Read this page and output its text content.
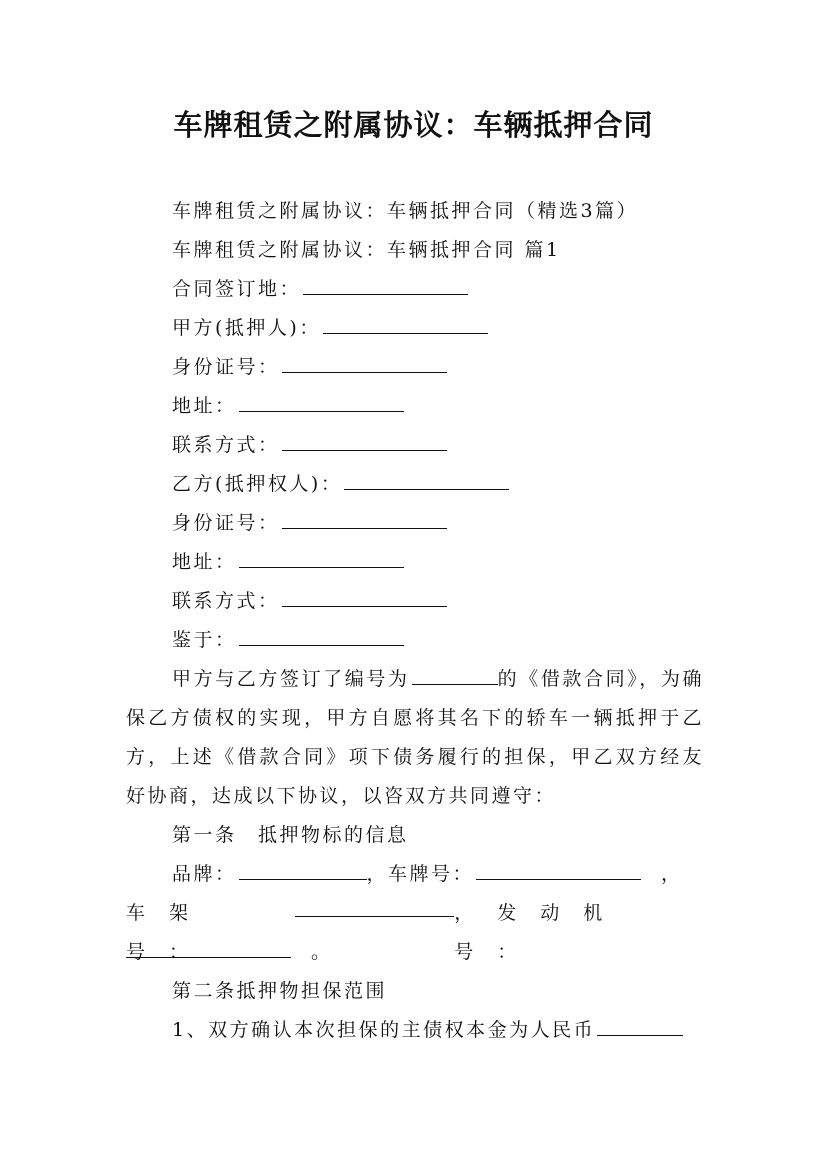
车牌租赁之附属协议：车辆抵押合同
车牌租赁之附属协议：车辆抵押合同（精选3篇）
车牌租赁之附属协议：车辆抵押合同 篇1
合同签订地：
甲方(抵押人)：
身份证号：
地址：
联系方式：
乙方(抵押权人)：
身份证号：
地址：
联系方式：
鉴于：
甲方与乙方签订了编号为	的《借款合同》，为确保乙方债权的实现，甲方自愿将其名下的轿车一辆抵押于乙方，上述《借款合同》项下债务履行的担保，甲乙双方经友好协商，达成以下协议，以咨双方共同遵守：
第一条　抵押物标的信息
品牌：	，车牌号：	，
车架号：
，发动机号：
。
第二条抵押物担保范围
1、双方确认本次担保的主债权本金为人民币
